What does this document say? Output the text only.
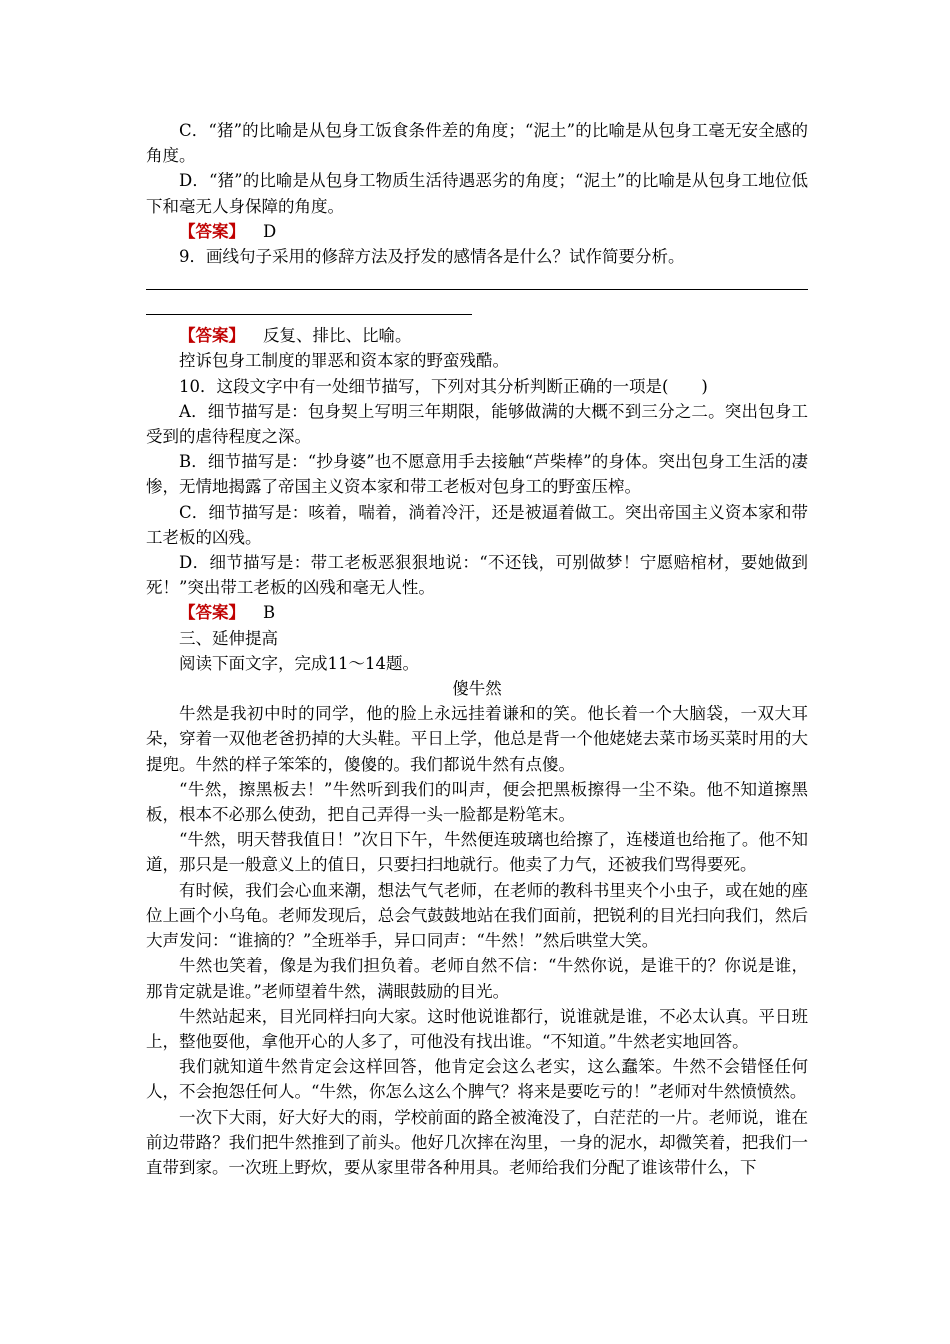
C．“猪”的比喻是从包身工饭食条件差的角度；“泥土”的比喻是从包身工毫无安全感的角度。

D．“猪”的比喻是从包身工物质生活待遇恶劣的角度；“泥土”的比喻是从包身工地位低下和毫无人身保障的角度。

【答案】 D

9．画线句子采用的修辞方法及抒发的感情各是什么？试作简要分析。

【答案】 反复、排比、比喻。

控诉包身工制度的罪恶和资本家的野蛮残酷。

10．这段文字中有一处细节描写，下列对其分析判断正确的一项是(　　)

A．细节描写是：包身契上写明三年期限，能够做满的大概不到三分之二。突出包身工受到的虐待程度之深。

B．细节描写是：“抄身婆”也不愿意用手去接触“芦柴棒”的身体。突出包身工生活的凄惨，无情地揭露了帝国主义资本家和带工老板对包身工的野蛮压榨。

C．细节描写是：咳着，喘着，淌着冷汗，还是被逼着做工。突出帝国主义资本家和带工老板的凶残。

D．细节描写是：带工老板恶狠狠地说：“不还钱，可别做梦！宁愿赔棺材，要她做到死！”突出带工老板的凶残和毫无人性。

【答案】 B

三、延伸提高

阅读下面文字，完成11～14题。

傻牛然

牛然是我初中时的同学，他的脸上永远挂着谦和的笑。他长着一个大脑袋，一双大耳朵，穿着一双他老爸扔掉的大头鞋。平日上学，他总是背一个他姥姥去菜市场买菜时用的大提兜。牛然的样子笨笨的，傻傻的。我们都说牛然有点傻。

“牛然，擦黑板去！”牛然听到我们的叫声，便会把黑板擦得一尘不染。他不知道擦黑板，根本不必那么使劲，把自己弄得一头一脸都是粉笔末。

“牛然，明天替我值日！”次日下午，牛然便连玻璃也给擦了，连楼道也给拖了。他不知道，那只是一般意义上的值日，只要扫扫地就行。他卖了力气，还被我们骂得要死。

有时候，我们会心血来潮，想法气气老师，在老师的教科书里夹个小虫子，或在她的座位上画个小乌龟。老师发现后，总会气鼓鼓地站在我们面前，把锐利的目光扫向我们，然后大声发问：“谁摘的？”全班举手，异口同声：“牛然！”然后哄堂大笑。

牛然也笑着，像是为我们担负着。老师自然不信：“牛然你说，是谁干的？你说是谁，那肯定就是谁。”老师望着牛然，满眼鼓励的目光。

牛然站起来，目光同样扫向大家。这时他说谁都行，说谁就是谁，不必太认真。平日班上，整他耍他，拿他开心的人多了，可他没有找出谁。“不知道。”牛然老实地回答。

我们就知道牛然肯定会这样回答，他肯定会这么老实，这么蠢笨。牛然不会错怪任何人，不会抱怨任何人。“牛然，你怎么这么个脾气？将来是要吃亏的！”老师对牛然愤愤然。

一次下大雨，好大好大的雨，学校前面的路全被淹没了，白茫茫的一片。老师说，谁在前边带路？我们把牛然推到了前头。他好几次摔在沟里，一身的泥水，却微笑着，把我们一直带到家。一次班上野炊，要从家里带各种用具。老师给我们分配了谁该带什么，下
